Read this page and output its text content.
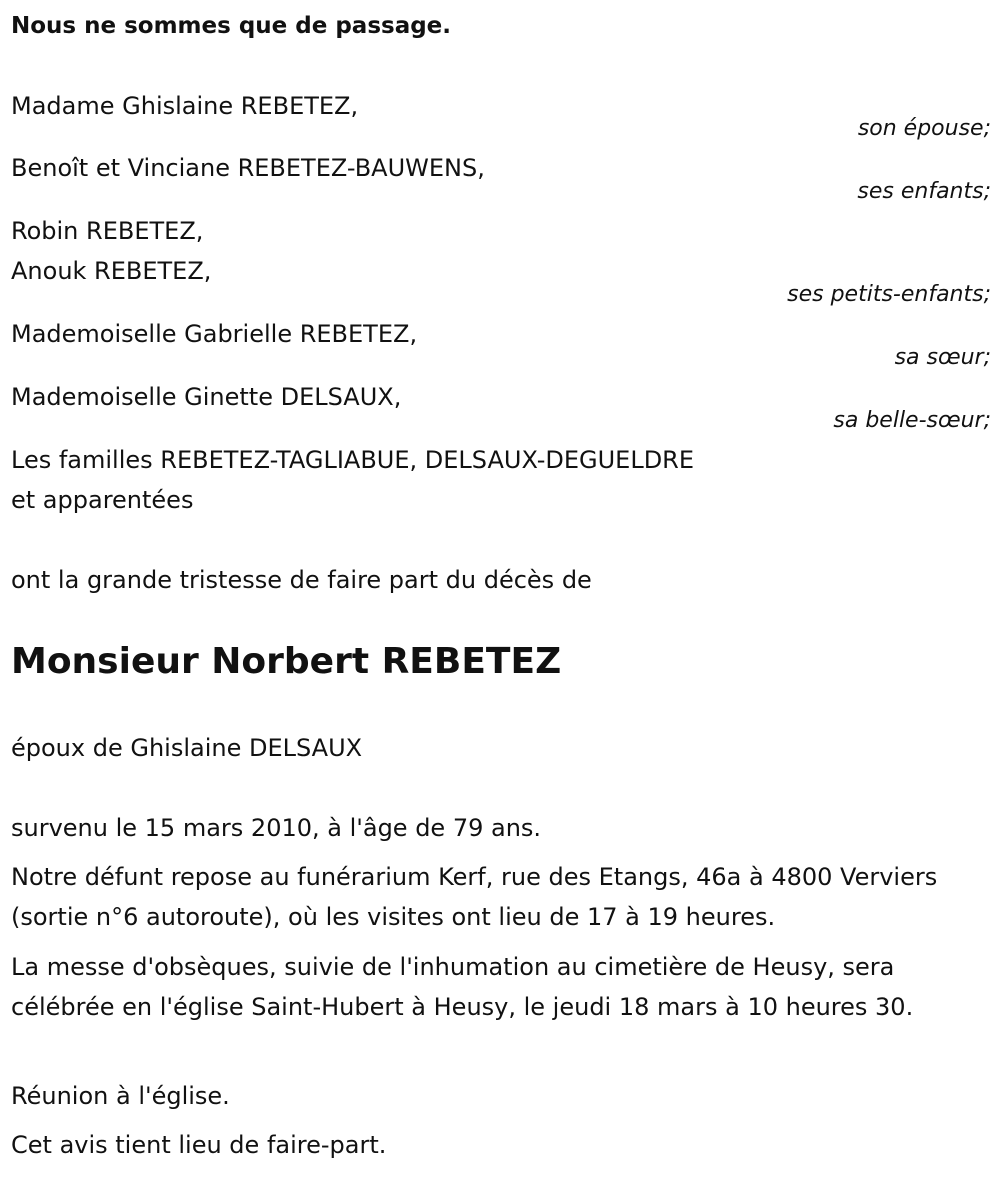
Nous ne sommes que de passage.
Madame Ghislaine REBETEZ,
son épouse;
Benoît et Vinciane REBETEZ-BAUWENS,
ses enfants;
Robin REBETEZ,
Anouk REBETEZ,
ses petits-enfants;
Mademoiselle Gabrielle REBETEZ,
sa sœur;
Mademoiselle Ginette DELSAUX,
sa belle-sœur;
Les familles REBETEZ-TAGLIABUE, DELSAUX-DEGUELDRE
et apparentées
ont la grande tristesse de faire part du décès de
Monsieur Norbert REBETEZ
époux de Ghislaine DELSAUX
survenu le 15 mars 2010, à l'âge de 79 ans.
Notre défunt repose au funérarium Kerf, rue des Etangs, 46a à 4800 Verviers (sortie n°6 autoroute), où les visites ont lieu de 17 à 19 heures.
La messe d'obsèques, suivie de l'inhumation au cimetière de Heusy, sera célébrée en l'église Saint-Hubert à Heusy, le jeudi 18 mars à 10 heures 30.
Réunion à l'église.
Cet avis tient lieu de faire-part.
